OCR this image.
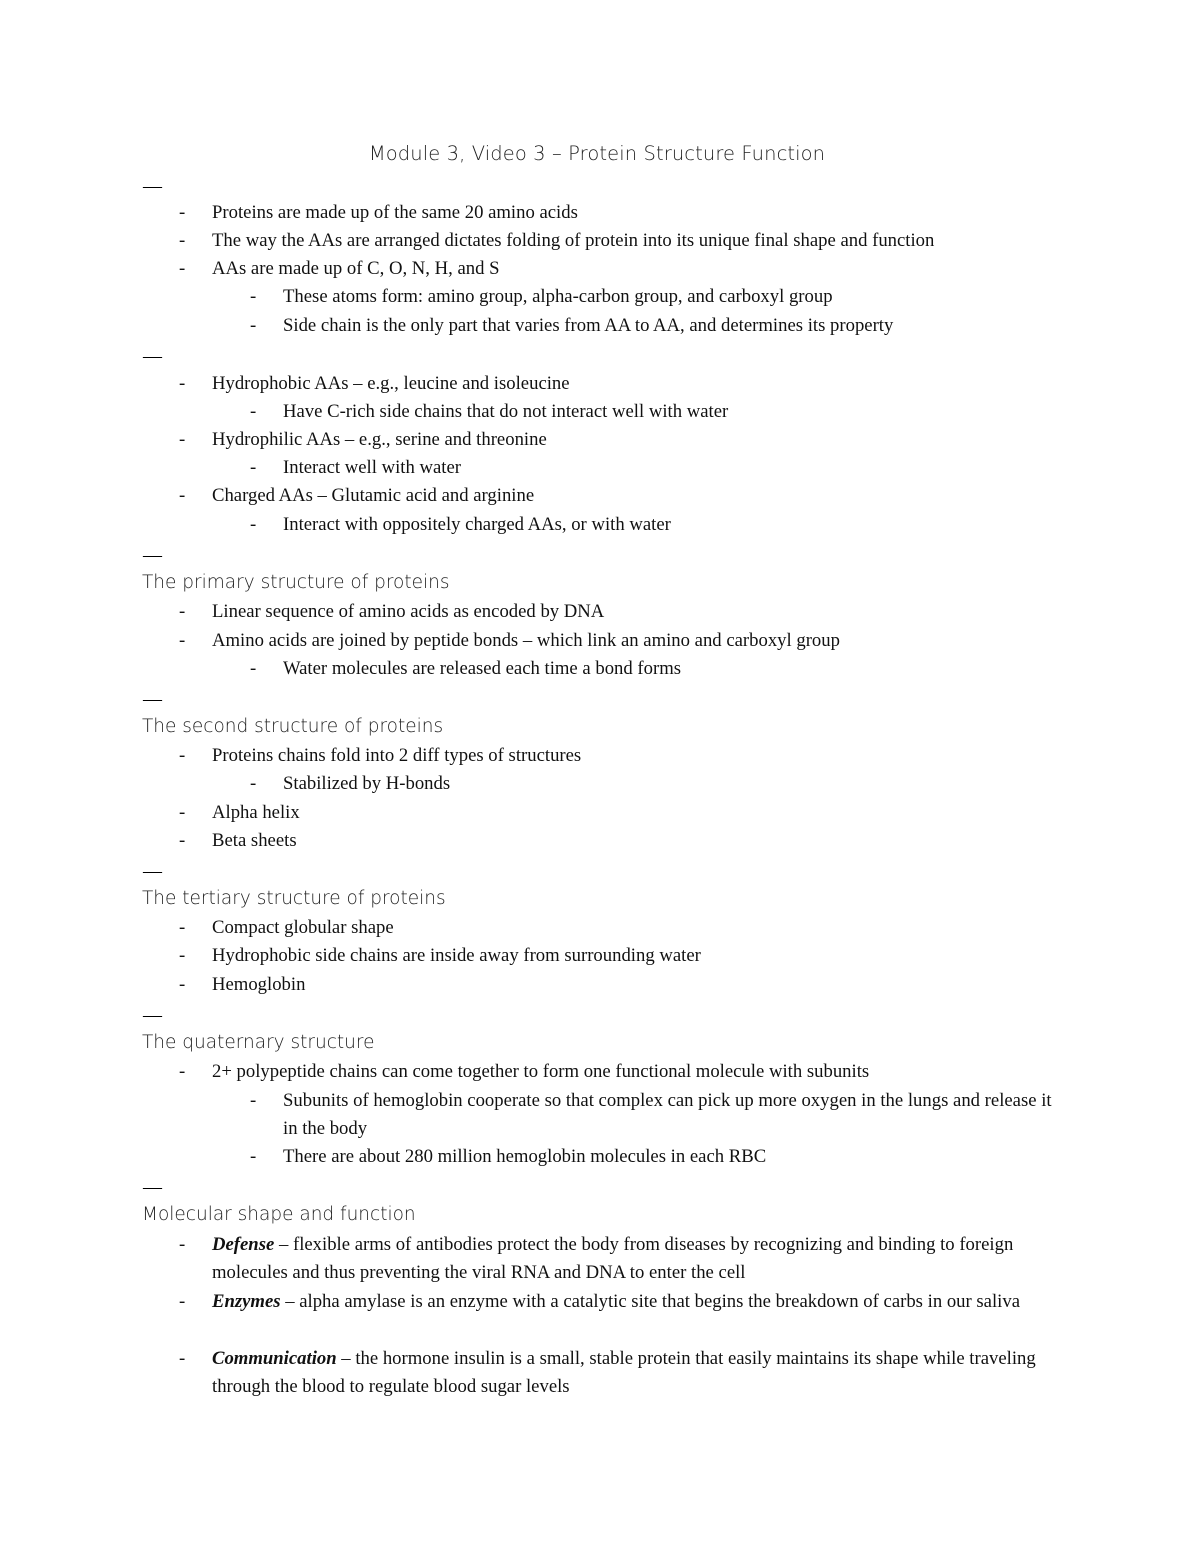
Module 3, Video 3 – Protein Structure Function
—
- Proteins are made up of the same 20 amino acids
- The way the AAs are arranged dictates folding of protein into its unique final shape and function
- AAs are made up of C, O, N, H, and S
- These atoms form: amino group, alpha-carbon group, and carboxyl group
- Side chain is the only part that varies from AA to AA, and determines its property
—
- Hydrophobic AAs – e.g., leucine and isoleucine
- Have C-rich side chains that do not interact well with water
- Hydrophilic AAs – e.g., serine and threonine
- Interact well with water
- Charged AAs – Glutamic acid and arginine
- Interact with oppositely charged AAs, or with water
—
The primary structure of proteins
- Linear sequence of amino acids as encoded by DNA
- Amino acids are joined by peptide bonds – which link an amino and carboxyl group
- Water molecules are released each time a bond forms
—
The second structure of proteins
- Proteins chains fold into 2 diff types of structures
- Stabilized by H-bonds
- Alpha helix
- Beta sheets
—
The tertiary structure of proteins
- Compact globular shape
- Hydrophobic side chains are inside away from surrounding water
- Hemoglobin
—
The quaternary structure
- 2+ polypeptide chains can come together to form one functional molecule with subunits
- Subunits of hemoglobin cooperate so that complex can pick up more oxygen in the lungs and release it in the body
- There are about 280 million hemoglobin molecules in each RBC
—
Molecular shape and function
- Defense – flexible arms of antibodies protect the body from diseases by recognizing and binding to foreign molecules and thus preventing the viral RNA and DNA to enter the cell
- Enzymes – alpha amylase is an enzyme with a catalytic site that begins the breakdown of carbs in our saliva
- Communication – the hormone insulin is a small, stable protein that easily maintains its shape while traveling through the blood to regulate blood sugar levels
